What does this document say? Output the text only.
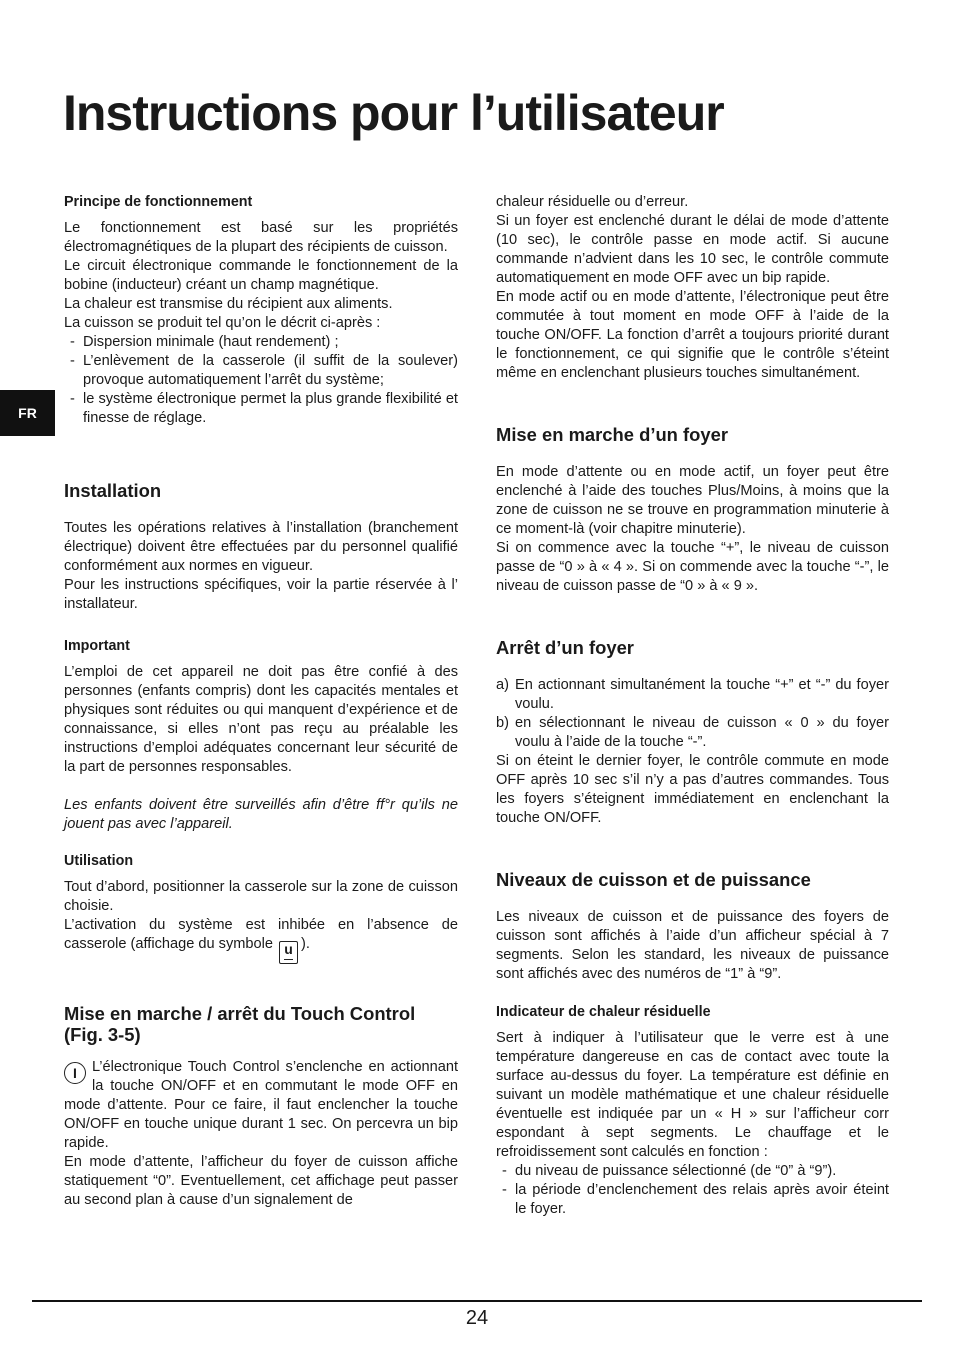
Instructions pour l’utilisateur
FR
Principe de fonctionnement

Le fonctionnement est basé sur les propriétés électromagnétiques de la plupart des récipients de cuisson.

Le circuit électronique commande le fonctionnement de la bobine (inducteur) créant un champ magnétique.

La chaleur est transmise du récipient aux aliments.

La cuisson se produit tel qu’on le décrit ci-après :

- Dispersion minimale (haut rendement) ;
- L’enlèvement de la casserole (il suffit de la soulever) provoque automatiquement l’arrêt du système;
- le système électronique permet la plus grande flexibilité et finesse de réglage.
Installation

Toutes les opérations relatives à l’installation (branchement électrique) doivent être effectuées par du personnel qualifié conformément aux normes en vigueur.

Pour les instructions spécifiques, voir la partie réservée à l’ installateur.

Important

L’emploi de cet appareil ne doit pas être confié à des personnes (enfants compris) dont les capacités mentales et physiques sont réduites ou qui manquent d’expérience et de connaissance, si elles n’ont pas reçu au préalable les instructions d’emploi adéquates concernant leur sécurité de la part de personnes responsables.

Les enfants doivent être surveillés afin d’être ff°r qu’ils ne jouent pas avec l’appareil.

Utilisation

Tout d’abord, positionner la casserole sur la zone de cuisson choisie.

L’activation du système est inhibée en l’absence de casserole (affichage du symbole u ).

Mise en marche / arrêt du Touch Control (Fig. 3-5)

I	L’électronique Touch Control s’enclenche en actionnant la touche ON/OFF et en commutant le mode OFF en mode d’attente. Pour ce faire, il faut enclencher la touche ON/OFF en touche unique durant 1 sec. On percevra un bip rapide.

En mode d’attente, l’afficheur du foyer de cuisson affiche statiquement “0”. Eventuellement, cet affichage peut passer au second plan à cause d’un signalement de

chaleur résiduelle ou d’erreur.

Si un foyer est enclenché durant le délai de mode d’attente (10 sec), le contrôle passe en mode actif. Si aucune commande n’advient dans les 10 sec, le contrôle commute automatiquement en mode OFF avec un bip rapide.

En mode actif ou en mode d’attente, l’électronique peut être commutée à tout moment en mode OFF à l’aide de la touche ON/OFF. La fonction d’arrêt a toujours priorité durant le fonctionnement, ce qui signifie que le contrôle s’éteint même en enclenchant plusieurs touches simultanément.

Mise en marche d’un foyer

En mode d’attente ou en mode actif, un foyer peut être enclenché à l’aide des touches Plus/Moins, à moins que la zone de cuisson ne se trouve en programmation minuterie à ce moment-là (voir chapitre minuterie).

Si on commence avec la touche “+”, le niveau de cuisson passe de “0 » à « 4 ». Si on commende avec la touche “-”, le niveau de cuisson passe de “0 » à « 9 ».

Arrêt d’un foyer
a) En actionnant simultanément la touche “+” et “-” du foyer voulu.
b) en sélectionnant le niveau de cuisson « 0 » du foyer voulu à l’aide de la touche “-”.

Si on éteint le dernier foyer, le contrôle commute en mode OFF après 10 sec s’il n’y a pas d’autres commandes. Tous les foyers s’éteignent immédiatement en enclenchant la touche ON/OFF.

Niveaux de cuisson et de puissance

Les niveaux de cuisson et de puissance des foyers de cuisson sont affichés à l’aide d’un afficheur spécial à 7 segments. Selon les standard, les niveaux de puissance sont affichés avec des numéros de “1” à “9”.

Indicateur de chaleur résiduelle

Sert à indiquer à l’utilisateur que le verre est à une température dangereuse en cas de contact avec toute la surface au-dessus du foyer. La température est définie en suivant un modèle mathématique et une chaleur résiduelle éventuelle est indiquée par un « H » sur l’afficheur corr espondant à sept segments. Le chauffage et le refroidissement sont calculés en fonction :

- du niveau de puissance sélectionné (de “0” à “9”).
- la période d’enclenchement des relais après avoir éteint le foyer.
24
